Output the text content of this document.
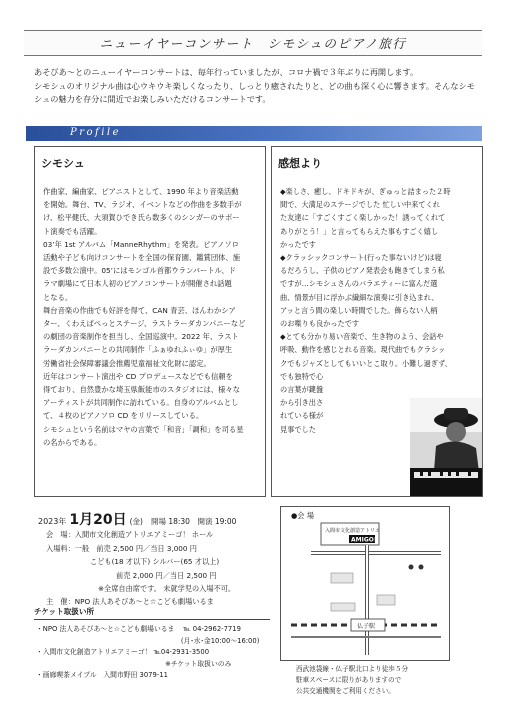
ニューイヤーコンサート　シモシュのピアノ旅行

あそびあ～とのニューイヤーコンサートは、毎年行っていましたが、コロナ禍で３年ぶりに再開します。

シモシュのオリジナル曲は心ウキウキ楽しくなったり、しっとり癒されたりと、どの曲も深く心に響きます。そんなシモシュの魅力を存分に間近でお楽しみいただけるコンサートです。

Profile
シモシュ

作曲家、編曲家、ピアニストとして、1990 年より音楽活動

を開始。舞台、TV、ラジオ、イベントなどの作曲を多数手が

け、松平健氏、大須賀ひでき氏ら数多くのシンガーのサポー

ト演奏でも活躍。

03’年 1st アルバム「ManneRhythm」を発表。ピアノソロ

活動や子ども向けコンサートを全国の保育園、鑑賞団体、施

設で多数公演中。05’にはモンゴル首都ウランバートル、ド

ラマ劇場にて日本人初のピアノコンサートが開催され話題

となる。

舞台音楽の作曲でも好評を得て、CAN 青芸、ほんわかシア

ター、くわえぱぺっとステージ、ラストラーダカンパニーなど

の劇団の音楽制作を担当し、全国巡演中。2022 年、ラスト

ラーダカンパニーとの共同制作「ふぁゆれふぃゆ」が厚生

労働省社会保障審議会推薦児童福祉文化財に認定。

近年はコンサート演出や CD プロデュースなどでも信頼を

得ており、自然豊かな埼玉県飯能市のスタジオには、様々な

アーティストが共同制作に訪れている。自身のアルバムとし

て、４枚のピアノソロ CD をリリースしている。

シモシュという名前はマヤの言葉で「和音」「調和」を司る星

の名からである。

感想より

◆楽しさ、癒し、ドキドキが、ぎゅっと詰まった２時

間で、大満足のステージでした 忙しい中来てくれ

た友達に「すごくすごく楽しかった！誘ってくれて

ありがとう！」と言ってもらえた事もすごく嬉し

かったです

◆クラッシックコンサート(行った事ないけど)は寝

るだろうし、子供のピアノ発表会も飽きてしまう私

ですが…シモシュさんのバラエティーに富んだ選

曲、情景が目に浮かぶ繊細な演奏に引き込まれ、

アッと言う間の楽しい時間でした。飾らない人柄

のお喋りも良かったです

◆とても分かり易い音楽で、生き物のよう、会話や

呼吸、動作を感じとれる音楽。現代曲でもクラシッ

クでもジャズとしてもいいとこ取り。小難し過ぎず、

でも独特で心

の言葉が鍵盤

から引き出さ

れている様が

見事でした

2023年 1月20日 (金) 開場 18:30　開演 19:00

会　場：入間市文化創造アトリエアミーゴ！ ホール

入場料：一般　前売 2,500 円／当日 3,000 円

こども(18 才以下) シルバー(65 才以上)

前売 2,000 円／当日 2,500 円

※全席自由席です。 未就学児の入場不可。

主　催：NPO 法人あそびあ～と☆こども劇場いるま

チケット取扱い所

・NPO 法人あそびあ～と☆こども劇場いるま 　℡ 04-2962-7719

　　　　　　　　　　　　　　　　　　　　　 (月･水･金10:00～16:00)

・入間市文化創造アトリエアミーゴ！ ℡04-2931-3500

　　　　　　　　　　　　　　　　　　　※チケット取扱いのみ

・画廊喫茶メイプル　入間市野田 3079-11

●会 場
入間市文化創造アトリエ
AMIGO!
仏子駅

西武池袋線・仏子駅北口より徒歩５分

駐車スペースに限りがありますので

公共交通機関をご利用ください。
